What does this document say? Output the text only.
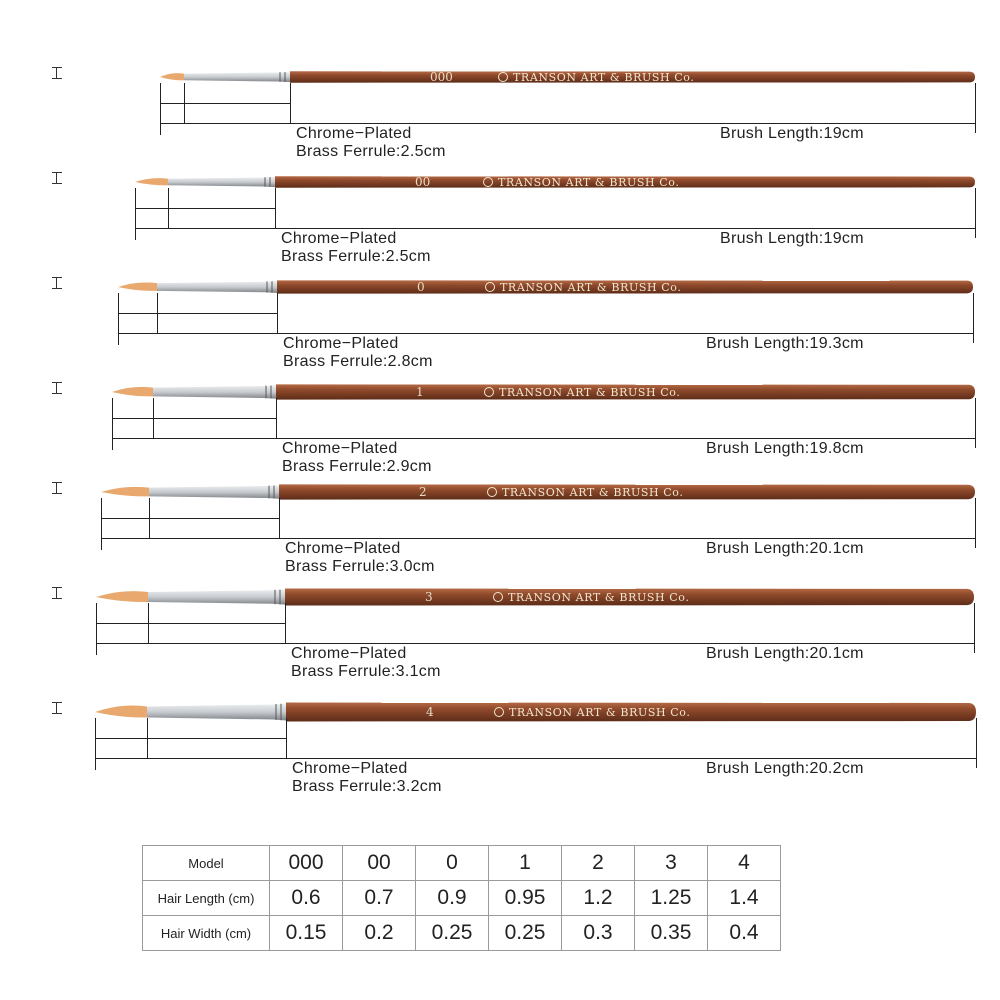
000	TRANSON ART & BRUSH Co.
Chrome−Plated
Brass Ferrule:2.5cm
Brush Length:19cm
00	TRANSON ART & BRUSH Co.
Chrome−Plated
Brass Ferrule:2.5cm
Brush Length:19cm
0	TRANSON ART & BRUSH Co.
Chrome−Plated
Brass Ferrule:2.8cm
Brush Length:19.3cm
1	TRANSON ART & BRUSH Co.
Chrome−Plated
Brass Ferrule:2.9cm
Brush Length:19.8cm
2	TRANSON ART & BRUSH Co.
Chrome−Plated
Brass Ferrule:3.0cm
Brush Length:20.1cm
3	TRANSON ART & BRUSH Co.
Chrome−Plated
Brass Ferrule:3.1cm
Brush Length:20.1cm
4	TRANSON ART & BRUSH Co.
Chrome−Plated
Brass Ferrule:3.2cm
Brush Length:20.2cm
Model	000	00	0	1	2	3	4
Hair Length (cm)	0.6	0.7	0.9	0.95	1.2	1.25	1.4
Hair Width (cm)	0.15	0.2	0.25	0.25	0.3	0.35	0.4
